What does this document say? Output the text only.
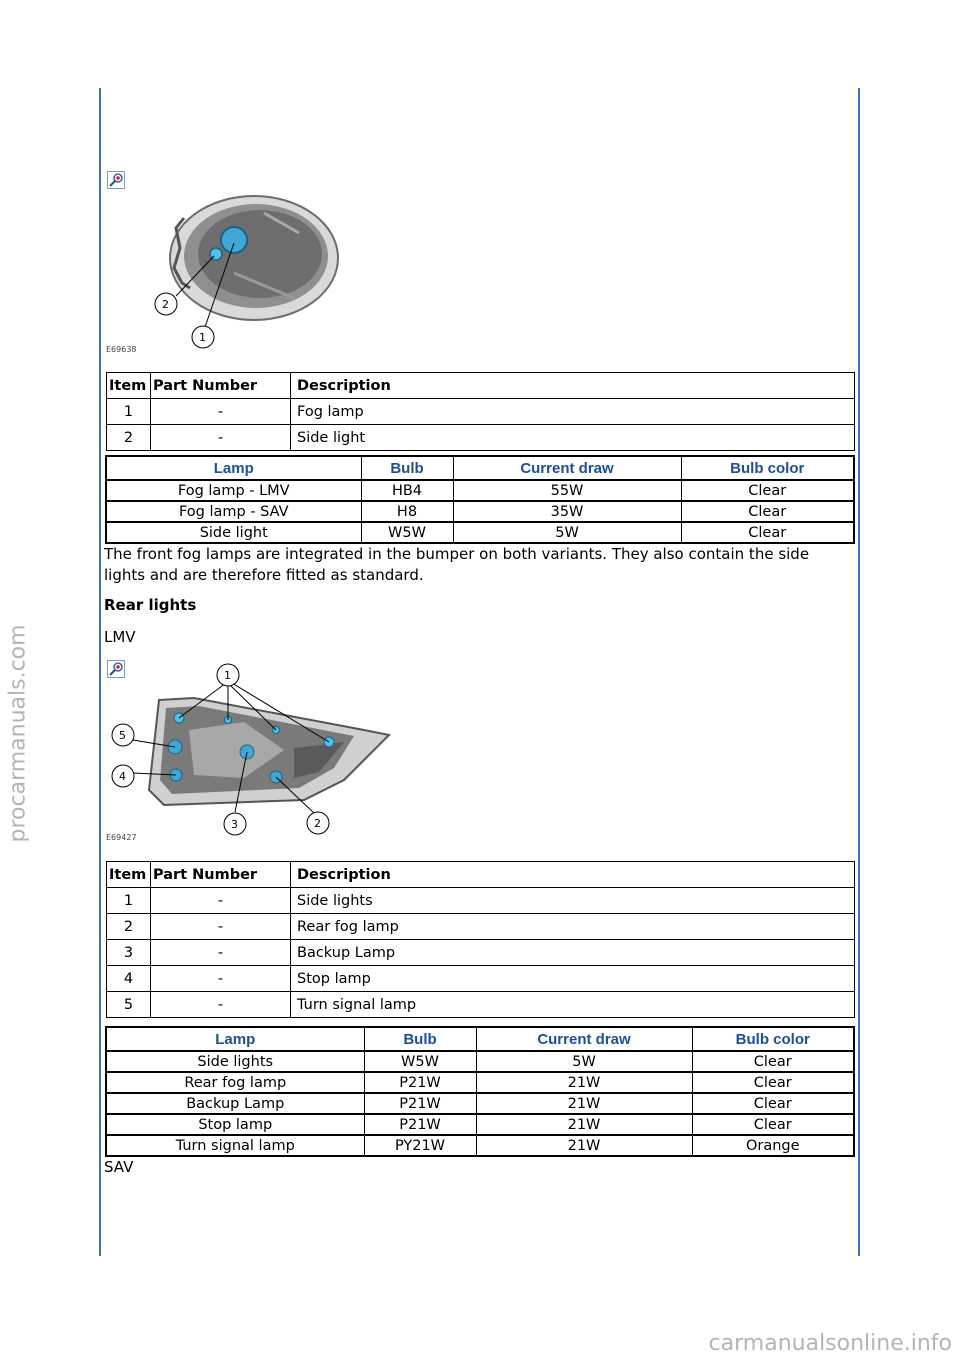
procarmanuals.com
carmanualsonline.info
1
2
E69638
Item	Part Number	Description
1	-	Fog lamp
2	-	Side light
Lamp	Bulb	Current draw	Bulb color
Fog lamp - LMV	HB4	55W	Clear
Fog lamp - SAV	H8	35W	Clear
Side light	W5W	5W	Clear
The front fog lamps are integrated in the bumper on both variants. They also contain the side lights and are therefore fitted as standard.
Rear lights
LMV
1
2
3
4
5
E69427
Item	Part Number	Description
1	-	Side lights
2	-	Rear fog lamp
3	-	Backup Lamp
4	-	Stop lamp
5	-	Turn signal lamp
Lamp	Bulb	Current draw	Bulb color
Side lights	W5W	5W	Clear
Rear fog lamp	P21W	21W	Clear
Backup Lamp	P21W	21W	Clear
Stop lamp	P21W	21W	Clear
Turn signal lamp	PY21W	21W	Orange
SAV
